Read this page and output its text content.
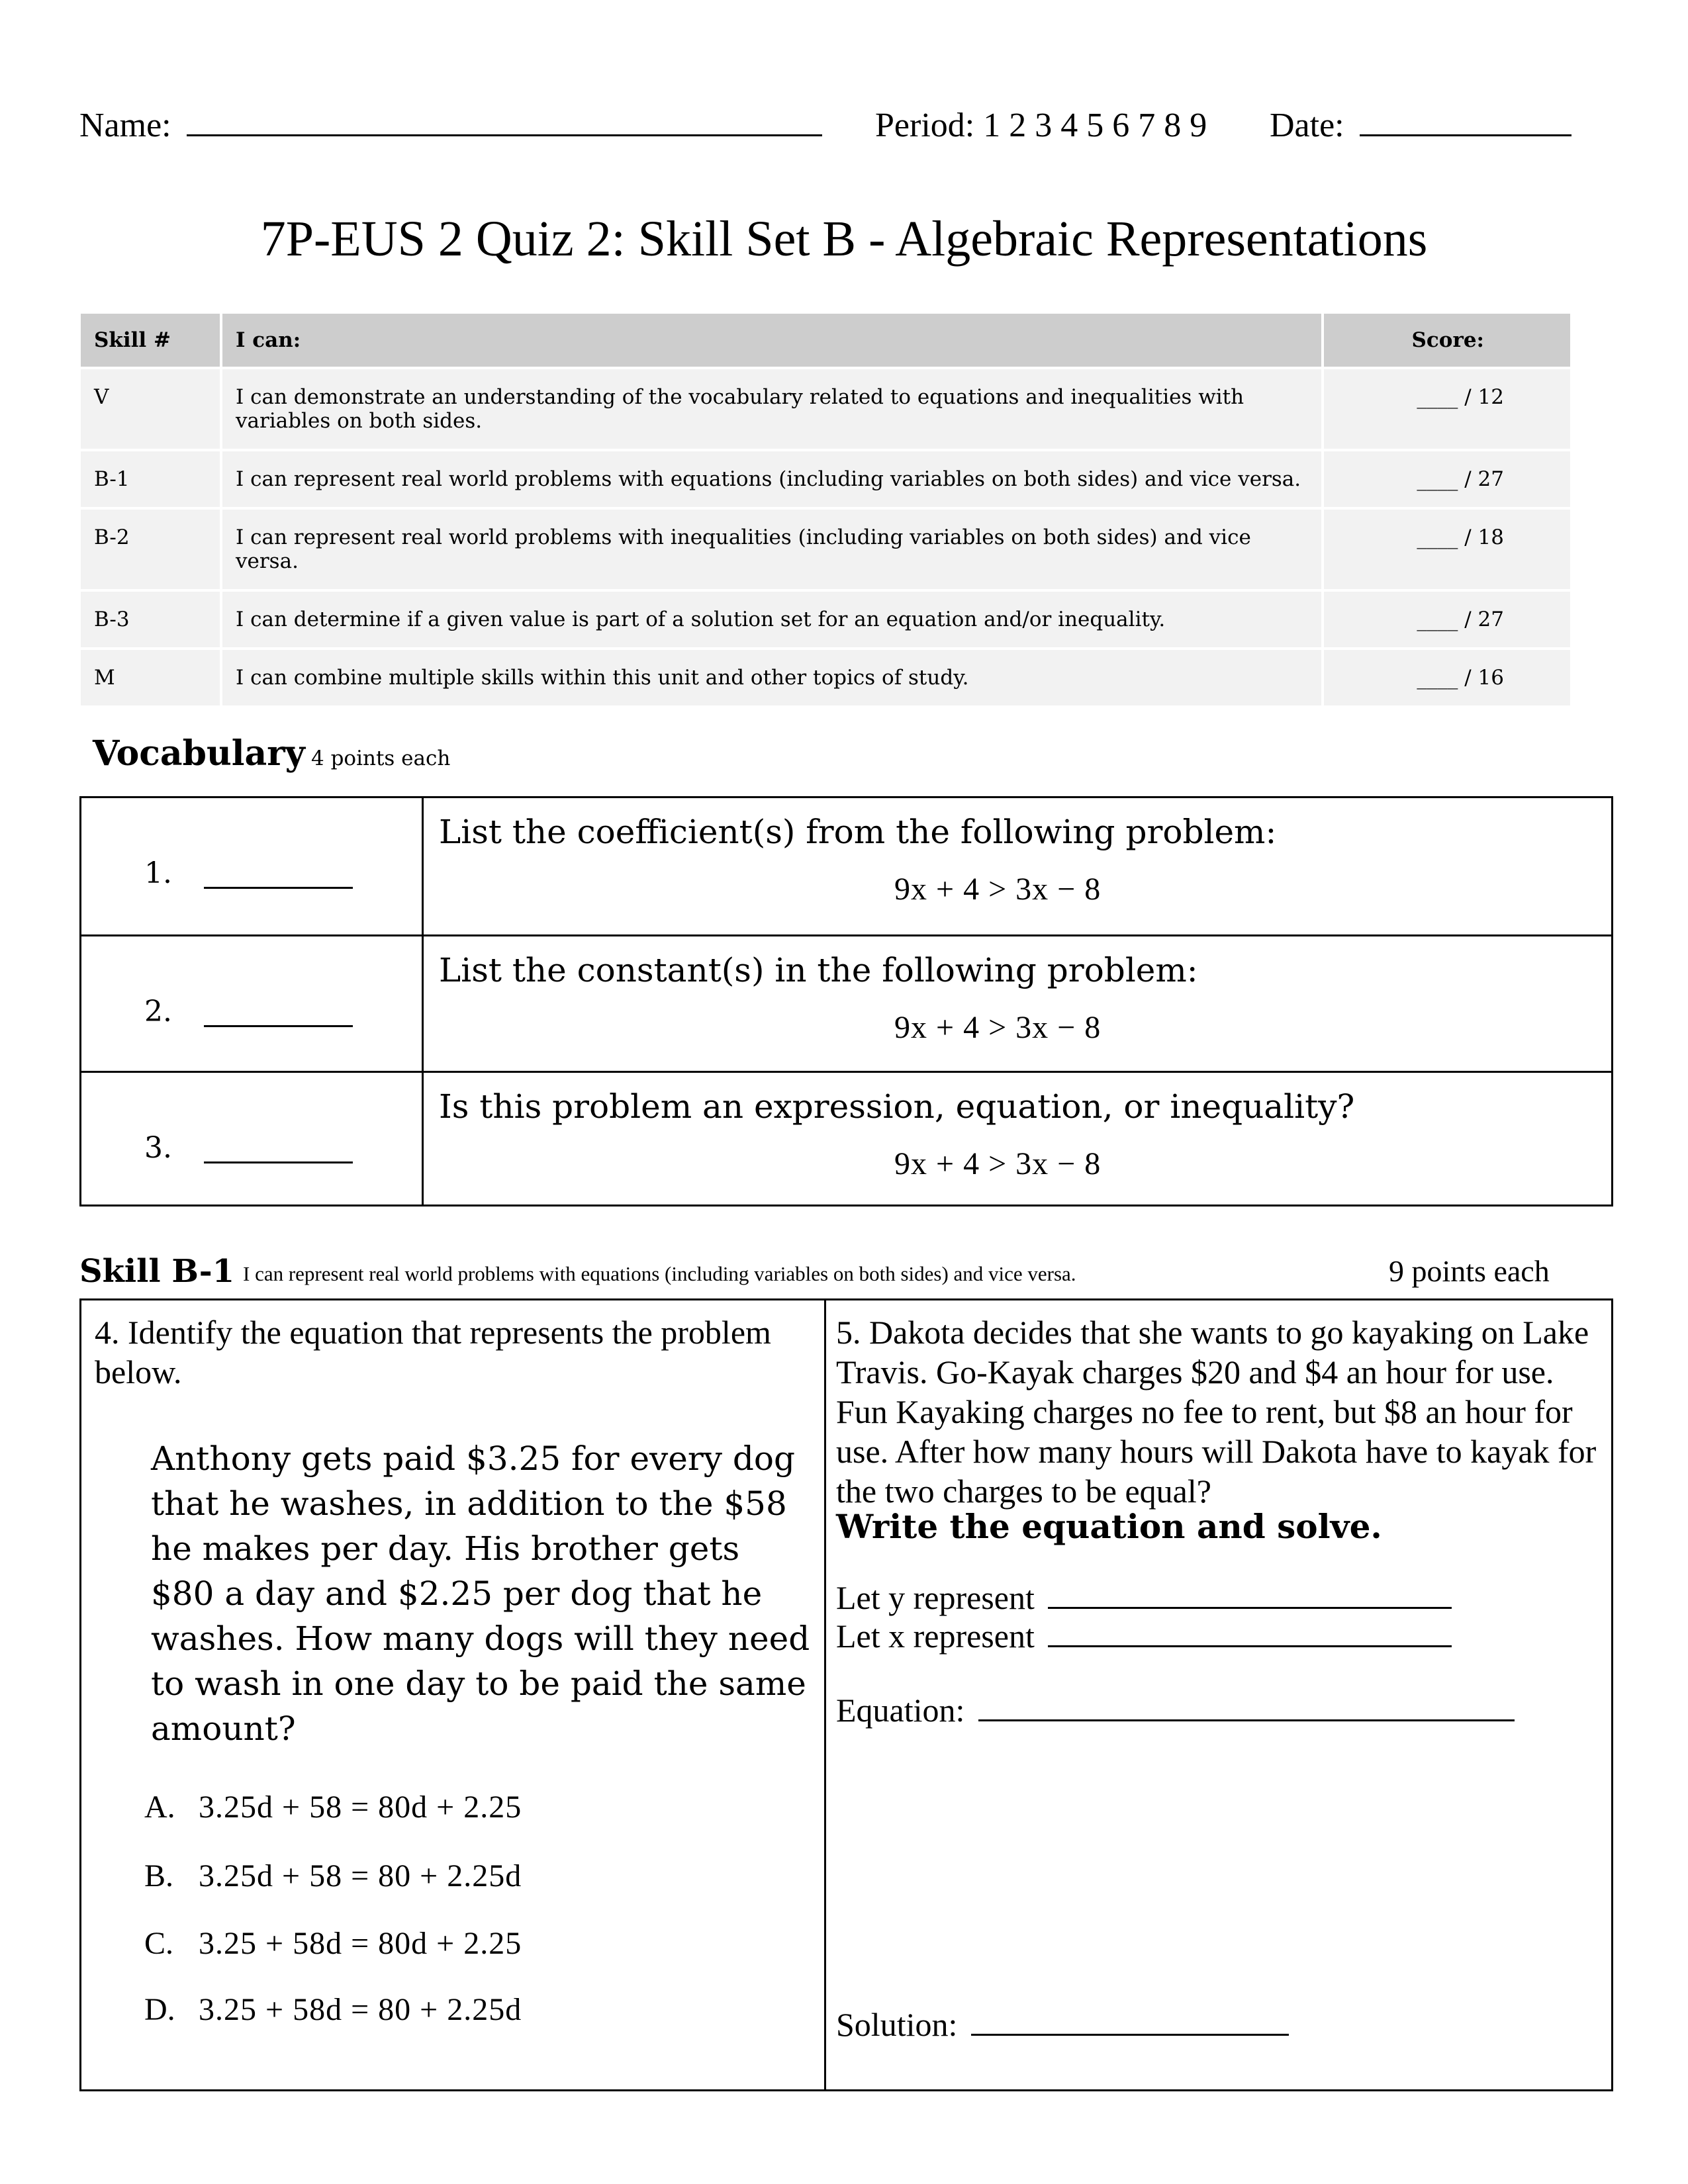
Name:	Period: 1 2 3 4 5 6 7 8 9 Date:
7P-EUS 2 Quiz 2: Skill Set B - Algebraic Representations
Skill #	I can:	Score:
V	I can demonstrate an understanding of the vocabulary related to equations and inequalities with variables on both sides.	____ / 12
B-1	I can represent real world problems with equations (including variables on both sides) and vice versa.	____ / 27
B-2	I can represent real world problems with inequalities (including variables on both sides) and vice versa.	____ / 18
B-3	I can determine if a given value is part of a solution set for an equation and/or inequality.	____ / 27
M	I can combine multiple skills within this unit and other topics of study.	____ / 16
Vocabulary 4 points each
1.
List the coefficient(s) from the following problem:
9x + 4 > 3x − 8
2.
List the constant(s) in the following problem:
9x + 4 > 3x − 8
3.
Is this problem an expression, equation, or inequality?
9x + 4 > 3x − 8
Skill B-1 I can represent real world problems with equations (including variables on both sides) and vice versa.	9 points each
4. Identify the equation that represents the problem below.
Anthony gets paid $3.25 for every dog that he washes, in addition to the $58 he makes per day. His brother gets $80 a day and $2.25 per dog that he washes. How many dogs will they need to wash in one day to be paid the same amount?
A. 3.25d + 58 = 80d + 2.25
B. 3.25d + 58 = 80 + 2.25d
C. 3.25 + 58d = 80d + 2.25
D. 3.25 + 58d = 80 + 2.25d
5. Dakota decides that she wants to go kayaking on Lake Travis. Go-Kayak charges $20 and $4 an hour for use. Fun Kayaking charges no fee to rent, but $8 an hour for use. After how many hours will Dakota have to kayak for the two charges to be equal?
Write the equation and solve.
Let y represent
Let x represent
Equation:
Solution:
